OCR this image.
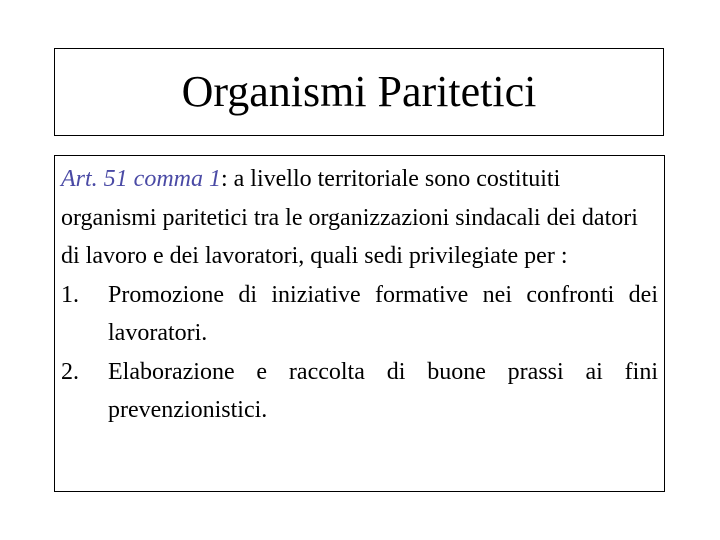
Organismi Paritetici

Art. 51 comma 1: a livello territoriale sono costituiti organismi paritetici tra le organizzazioni sindacali dei datori di lavoro e dei lavoratori, quali sedi privilegiate per :

1.	Promozione di iniziative formative nei confronti dei lavoratori.
2.	Elaborazione e raccolta di buone prassi ai fini prevenzionistici.
